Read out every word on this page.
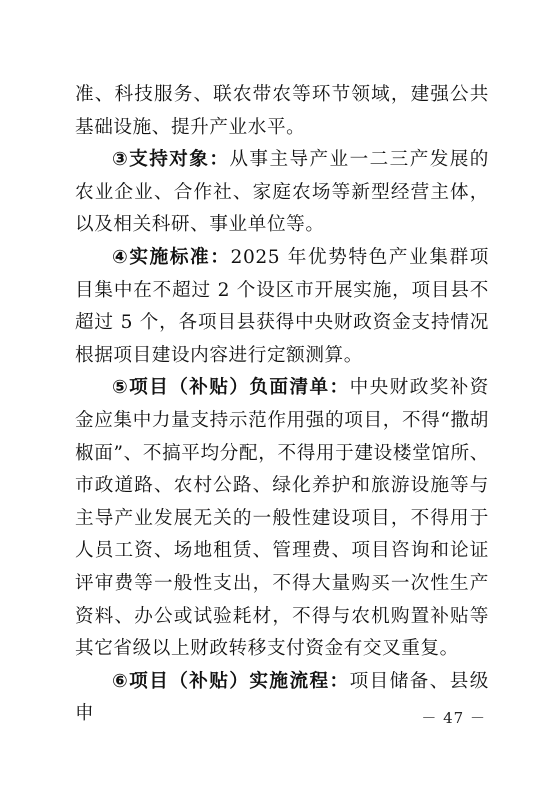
准、科技服务、联农带农等环节领域，建强公共基础设施、提升产业水平。

③支持对象：从事主导产业一二三产发展的农业企业、合作社、家庭农场等新型经营主体，以及相关科研、事业单位等。

④实施标准：2025 年优势特色产业集群项目集中在不超过 2 个设区市开展实施，项目县不超过 5 个，各项目县获得中央财政资金支持情况根据项目建设内容进行定额测算。

⑤项目（补贴）负面清单：中央财政奖补资金应集中力量支持示范作用强的项目，不得“撒胡椒面”、不搞平均分配，不得用于建设楼堂馆所、市政道路、农村公路、绿化养护和旅游设施等与主导产业发展无关的一般性建设项目，不得用于人员工资、场地租赁、管理费、项目咨询和论证评审费等一般性支出，不得大量购买一次性生产资料、办公或试验耗材，不得与农机购置补贴等其它省级以上财政转移支付资金有交叉重复。

⑥项目（补贴）实施流程：项目储备、县级申	－ 47 －
